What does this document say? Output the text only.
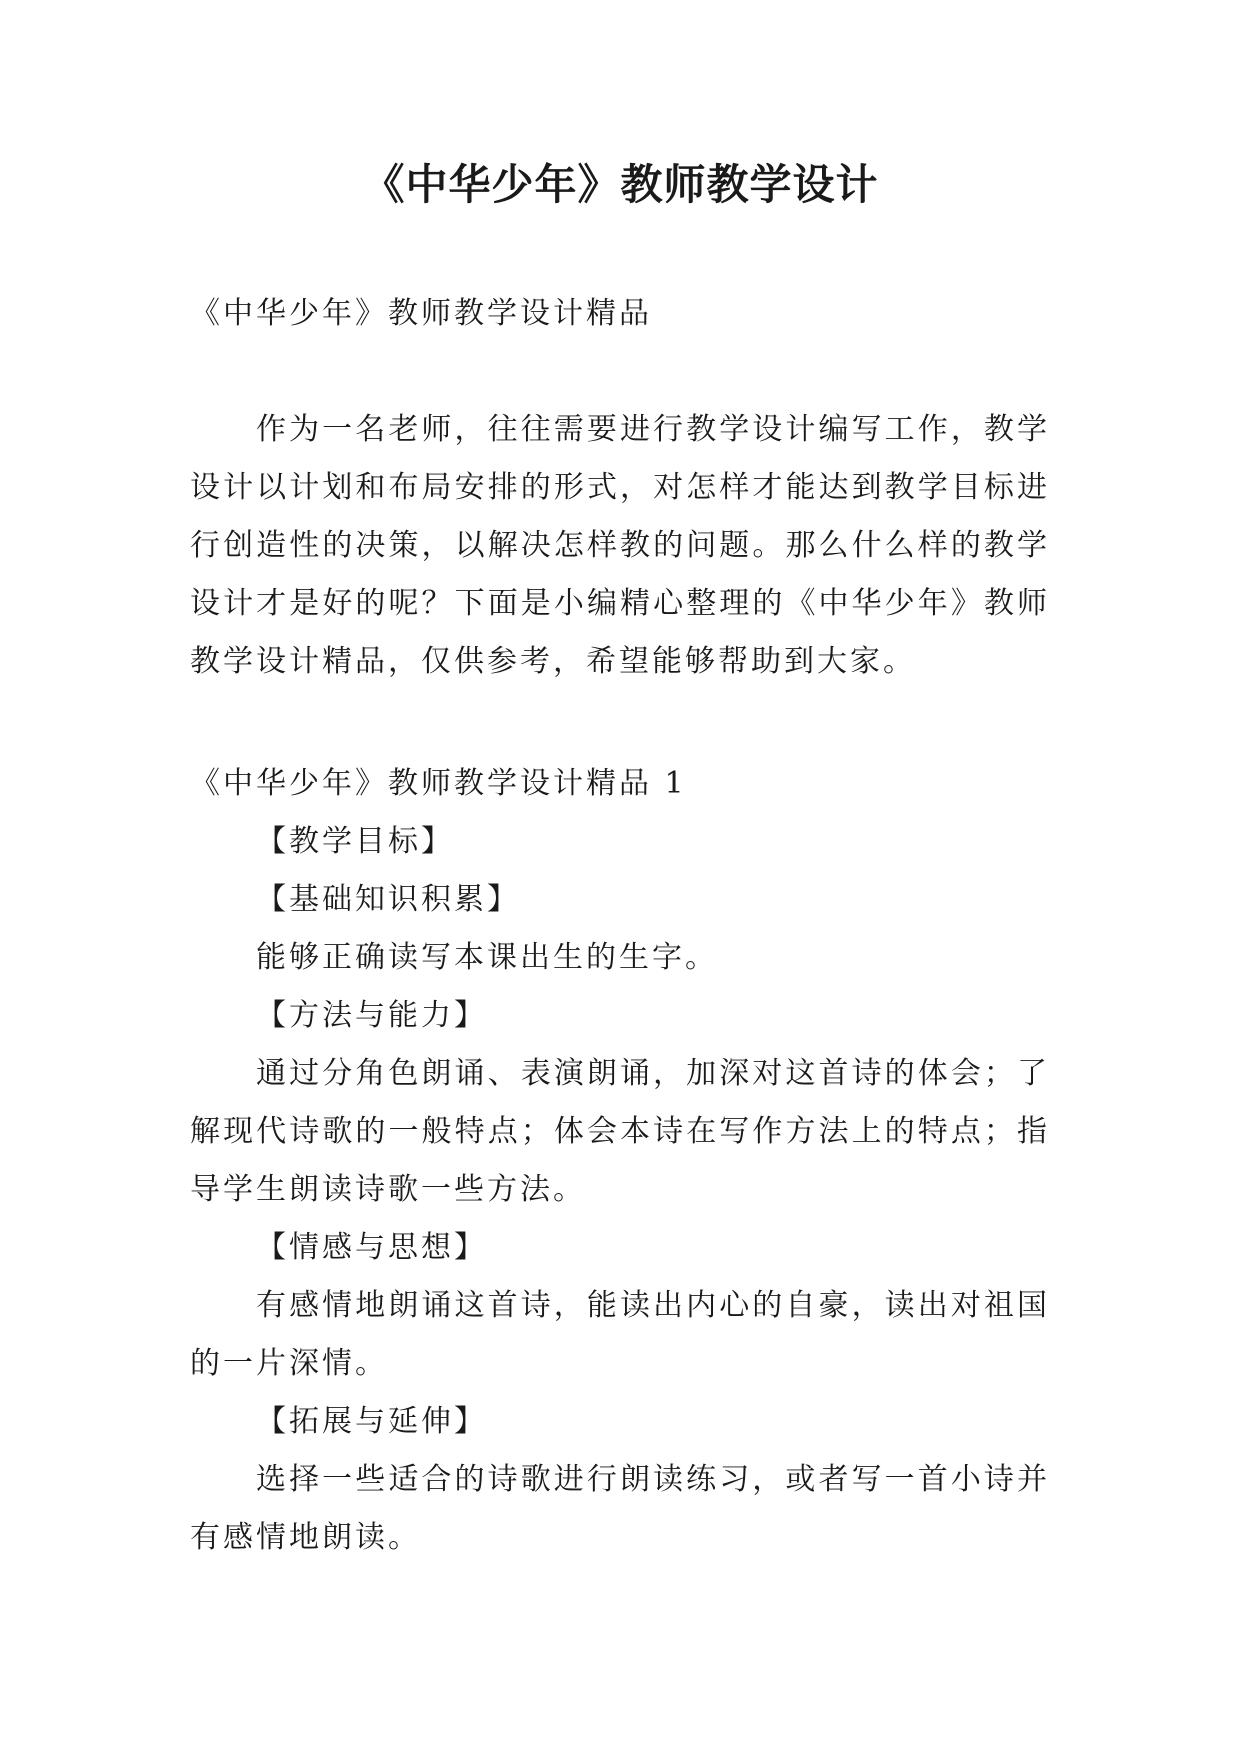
《中华少年》教师教学设计
《中华少年》教师教学设计精品
作为一名老师，往往需要进行教学设计编写工作，教学设计以计划和布局安排的形式，对怎样才能达到教学目标进行创造性的决策，以解决怎样教的问题。那么什么样的教学设计才是好的呢？下面是小编精心整理的《中华少年》教师教学设计精品，仅供参考，希望能够帮助到大家。

《中华少年》教师教学设计精品 1

【教学目标】

【基础知识积累】

能够正确读写本课出生的生字。

【方法与能力】

通过分角色朗诵、表演朗诵，加深对这首诗的体会；了解现代诗歌的一般特点；体会本诗在写作方法上的特点；指导学生朗读诗歌一些方法。

【情感与思想】

有感情地朗诵这首诗，能读出内心的自豪，读出对祖国的一片深情。

【拓展与延伸】

选择一些适合的诗歌进行朗读练习，或者写一首小诗并有感情地朗读。
